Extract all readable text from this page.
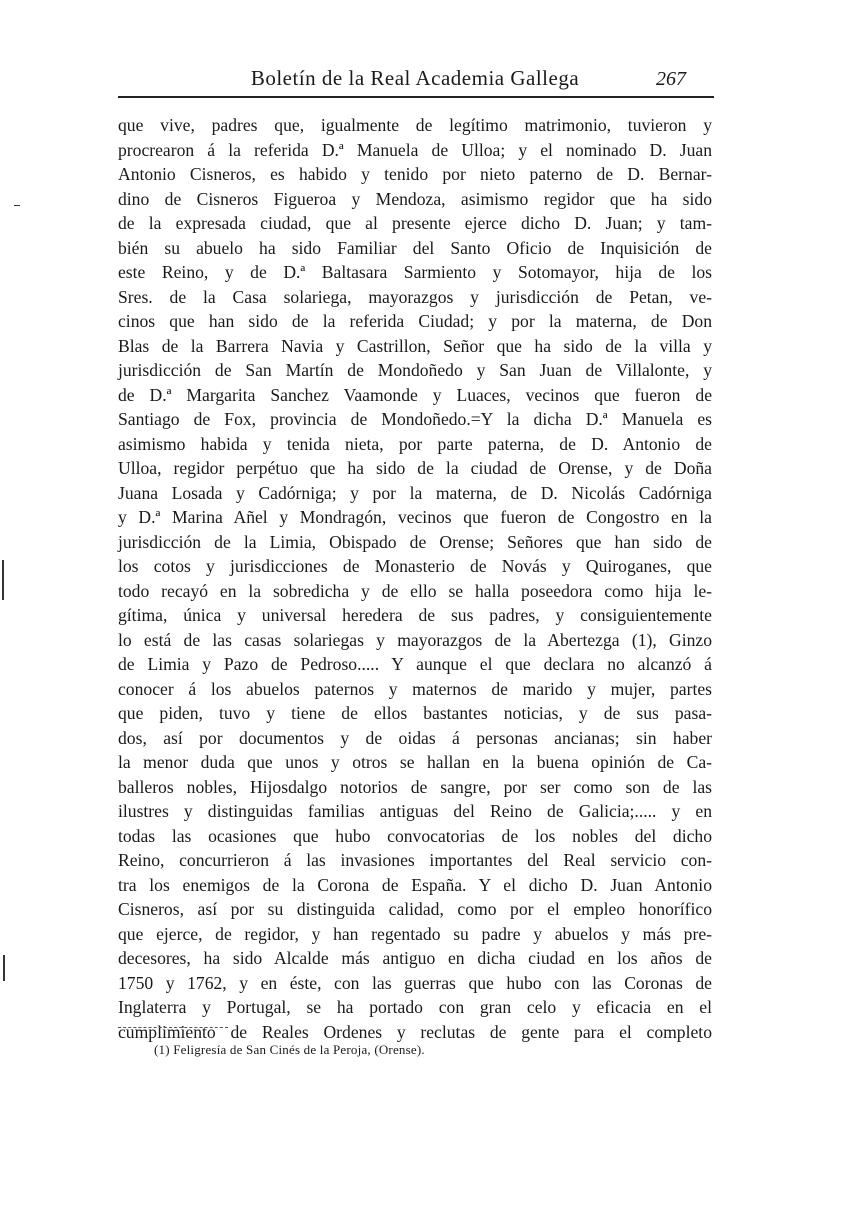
Boletín de la Real Academia Gallega	267
que vive, padres que, igualmente de legítimo matrimonio, tuvieron y
procrearon á la referida D.ª Manuela de Ulloa; y el nominado D. Juan
Antonio Cisneros, es habido y tenido por nieto paterno de D. Bernar-
dino de Cisneros Figueroa y Mendoza, asimismo regidor que ha sido
de la expresada ciudad, que al presente ejerce dicho D. Juan; y tam-
bién su abuelo ha sido Familiar del Santo Oficio de Inquisición de
este Reino, y de D.ª Baltasara Sarmiento y Sotomayor, hija de los
Sres. de la Casa solariega, mayorazgos y jurisdicción de Petan, ve-
cinos que han sido de la referida Ciudad; y por la materna, de Don
Blas de la Barrera Navia y Castrillon, Señor que ha sido de la villa y
jurisdicción de San Martín de Mondoñedo y San Juan de Villalonte, y
de D.ª Margarita Sanchez Vaamonde y Luaces, vecinos que fueron de
Santiago de Fox, provincia de Mondoñedo.=Y la dicha D.ª Manuela es
asimismo habida y tenida nieta, por parte paterna, de D. Antonio de
Ulloa, regidor perpétuo que ha sido de la ciudad de Orense, y de Doña
Juana Losada y Cadórniga; y por la materna, de D. Nicolás Cadórniga
y D.ª Marina Añel y Mondragón, vecinos que fueron de Congostro en la
jurisdicción de la Limia, Obispado de Orense; Señores que han sido de
los cotos y jurisdicciones de Monasterio de Novás y Quiroganes, que
todo recayó en la sobredicha y de ello se halla poseedora como hija le-
gítima, única y universal heredera de sus padres, y consiguientemente
lo está de las casas solariegas y mayorazgos de la Abertezga (1), Ginzo
de Limia y Pazo de Pedroso..... Y aunque el que declara no alcanzó á
conocer á los abuelos paternos y maternos de marido y mujer, partes
que piden, tuvo y tiene de ellos bastantes noticias, y de sus pasa-
dos, así por documentos y de oidas á personas ancianas; sin haber
la menor duda que unos y otros se hallan en la buena opinión de Ca-
balleros nobles, Hijosdalgo notorios de sangre, por ser como son de las
ilustres y distinguidas familias antiguas del Reino de Galicia;..... y en
todas las ocasiones que hubo convocatorias de los nobles del dicho
Reino, concurrieron á las invasiones importantes del Real servicio con-
tra los enemigos de la Corona de España. Y el dicho D. Juan Antonio
Cisneros, así por su distinguida calidad, como por el empleo honorífico
que ejerce, de regidor, y han regentado su padre y abuelos y más pre-
decesores, ha sido Alcalde más antiguo en dicha ciudad en los años de
1750 y 1762, y en éste, con las guerras que hubo con las Coronas de
Inglaterra y Portugal, se ha portado con gran celo y eficacia en el
cumplimiento de Reales Ordenes y reclutas de gente para el completo
(1) Feligresía de San Cinés de la Peroja, (Orense).
